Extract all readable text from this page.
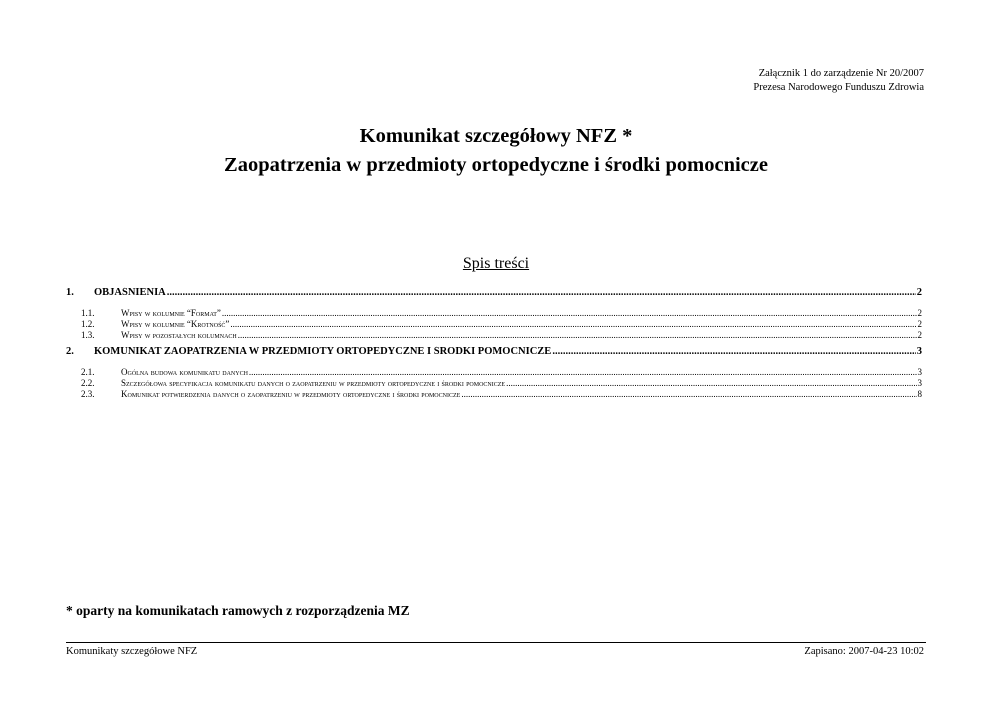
Załącznik 1 do zarządzenie Nr 20/2007
Prezesa Narodowego Funduszu Zdrowia
Komunikat szczegółowy NFZ *
Zaopatrzenia w przedmioty ortopedyczne i środki pomocnicze
Spis treści
1.	OBJAŚNIENIA .....	2
1.1.	Wpisy w kolumnie “Format” .....	2
1.2.	Wpisy w kolumnie “Krotność” .....	2
1.3.	Wpisy w pozostałych kolumnach .....	2
2.	KOMUNIKAT ZAOPATRZENIA W PRZEDMIOTY ORTOPEDYCZNE I ŚRODKI POMOCNICZE .....	3
2.1.	Ogólna budowa komunikatu danych .....	3
2.2.	Szczegółowa specyfikacja komunikatu danych o zaopatrzeniu w przedmioty ortopedyczne i środki pomocnicze .....	3
2.3.	Komunikat potwierdzenia danych o zaopatrzeniu w przedmioty ortopedyczne i środki pomocnicze .....	8
* oparty na komunikatach ramowych z rozporządzenia MZ
Komunikaty szczegółowe NFZ	Zapisano: 2007-04-23 10:02
